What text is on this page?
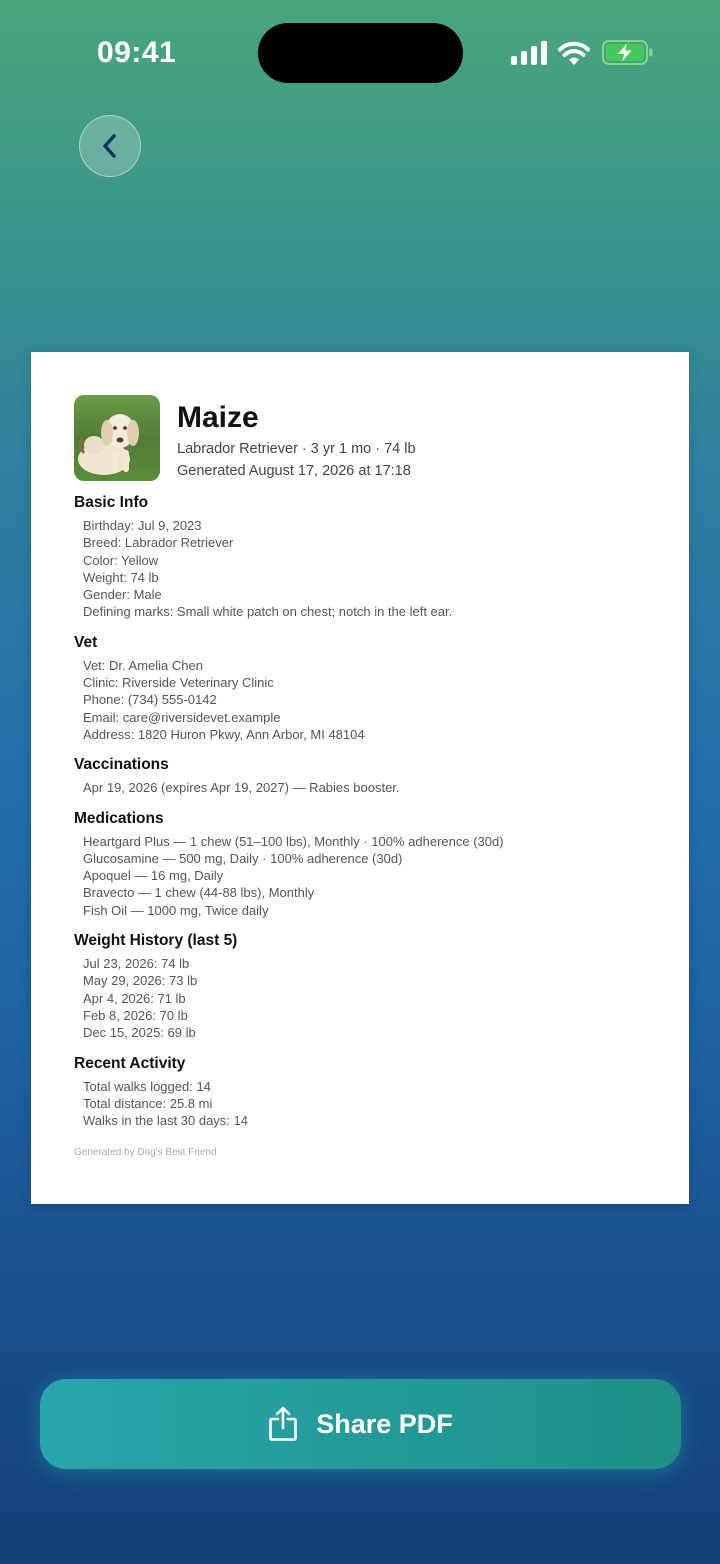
09:41
Maize
Labrador Retriever · 3 yr 1 mo · 74 lb
Generated August 17, 2026 at 17:18
Basic Info
Birthday: Jul 9, 2023
Breed: Labrador Retriever
Color: Yellow
Weight: 74 lb
Gender: Male
Defining marks: Small white patch on chest; notch in the left ear.
Vet
Vet: Dr. Amelia Chen
Clinic: Riverside Veterinary Clinic
Phone: (734) 555-0142
Email: care@riversidevet.example
Address: 1820 Huron Pkwy, Ann Arbor, MI 48104
Vaccinations
Apr 19, 2026 (expires Apr 19, 2027) — Rabies booster.
Medications
Heartgard Plus — 1 chew (51–100 lbs), Monthly · 100% adherence (30d)
Glucosamine — 500 mg, Daily · 100% adherence (30d)
Apoquel — 16 mg, Daily
Bravecto — 1 chew (44-88 lbs), Monthly
Fish Oil — 1000 mg, Twice daily
Weight History (last 5)
Jul 23, 2026: 74 lb
May 29, 2026: 73 lb
Apr 4, 2026: 71 lb
Feb 8, 2026: 70 lb
Dec 15, 2025: 69 lb
Recent Activity
Total walks logged: 14
Total distance: 25.8 mi
Walks in the last 30 days: 14
Generated by Dog's Best Friend
Share PDF
